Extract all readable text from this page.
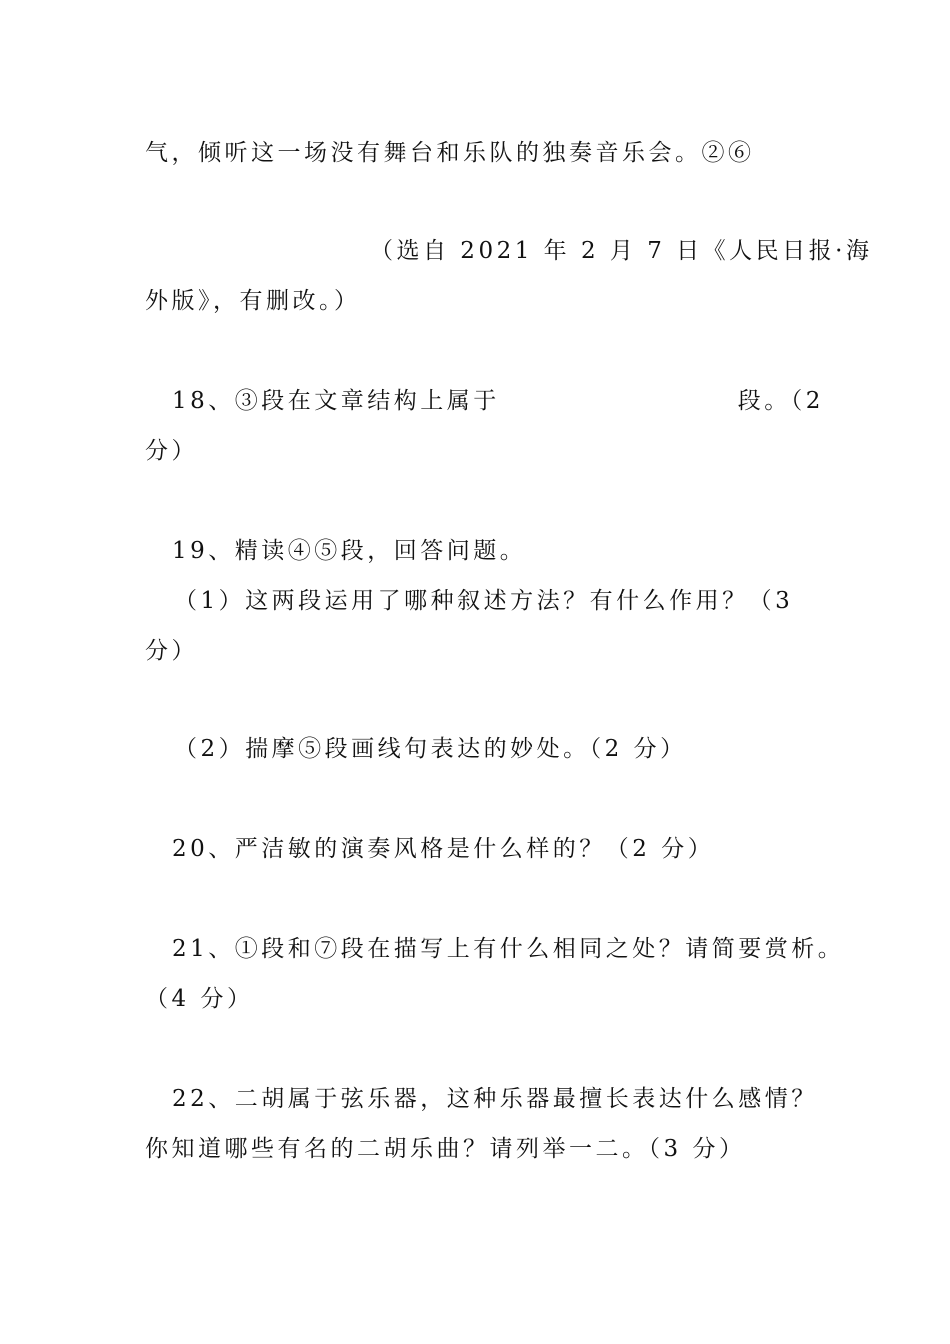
气，倾听这一场没有舞台和乐队的独奏音乐会。②⑥
（选自 2021 年 2 月 7 日《人民日报·海
外版》，有删改。）
18、③段在文章结构上属于	段。（2
分）
19、精读④⑤段，回答问题。
（1）这两段运用了哪种叙述方法？有什么作用？（3
分）
（2）揣摩⑤段画线句表达的妙处。（2 分）
20、严洁敏的演奏风格是什么样的？（2 分）
21、①段和⑦段在描写上有什么相同之处？请简要赏析。
（4 分）
22、二胡属于弦乐器，这种乐器最擅长表达什么感情？
你知道哪些有名的二胡乐曲？请列举一二。（3 分）
